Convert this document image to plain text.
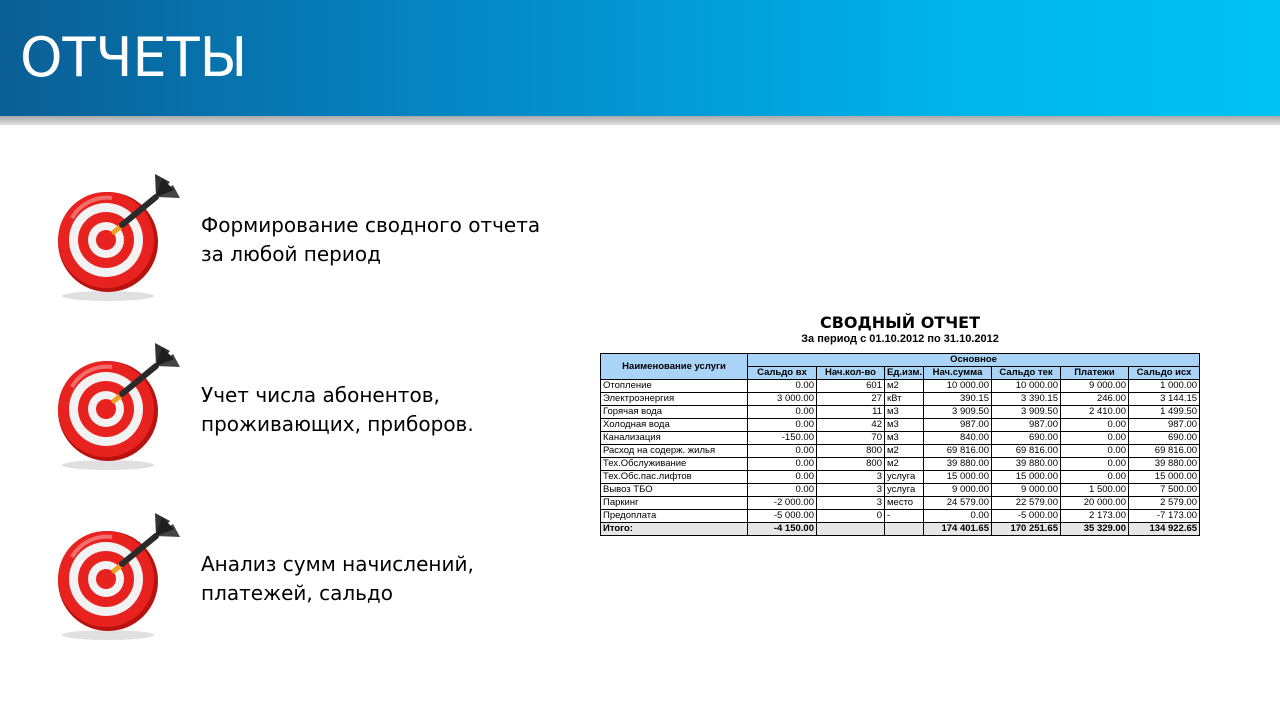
ОТЧЕТЫ
Формирование сводного отчета
за любой период
Учет числа абонентов,
проживающих, приборов.
Анализ сумм начислений,
платежей, сальдо
СВОДНЫЙ ОТЧЕТ
За период с 01.10.2012 по 31.10.2012
Наименование услуги	Основное						
	Сальдо вх	Нач.кол-во	Ед.изм.	Нач.сумма	Сальдо тек	Платежи	Сальдо исх
Отопление	0.00	601	м2	10 000.00	10 000.00	9 000.00	1 000.00
Электроэнергия	3 000.00	27	кВт	390.15	3 390.15	246.00	3 144.15
Горячая вода	0.00	11	м3	3 909.50	3 909.50	2 410.00	1 499.50
Холодная вода	0.00	42	м3	987.00	987.00	0.00	987.00
Канализация	-150.00	70	м3	840.00	690.00	0.00	690.00
Расход на содерж. жилья	0.00	800	м2	69 816.00	69 816.00	0.00	69 816.00
Тех.Обслуживание	0.00	800	м2	39 880.00	39 880.00	0.00	39 880.00
Тех.Обс.пас.лифтов	0.00	3	услуга	15 000.00	15 000.00	0.00	15 000.00
Вывоз ТБО	0.00	3	услуга	9 000.00	9 000.00	1 500.00	7 500.00
Паркинг	-2 000.00	3	место	24 579.00	22 579.00	20 000.00	2 579.00
Предоплата	-5 000.00	0	-	0.00	-5 000.00	2 173.00	-7 173.00
Итого:	-4 150.00			174 401.65	170 251.65	35 329.00	134 922.65
